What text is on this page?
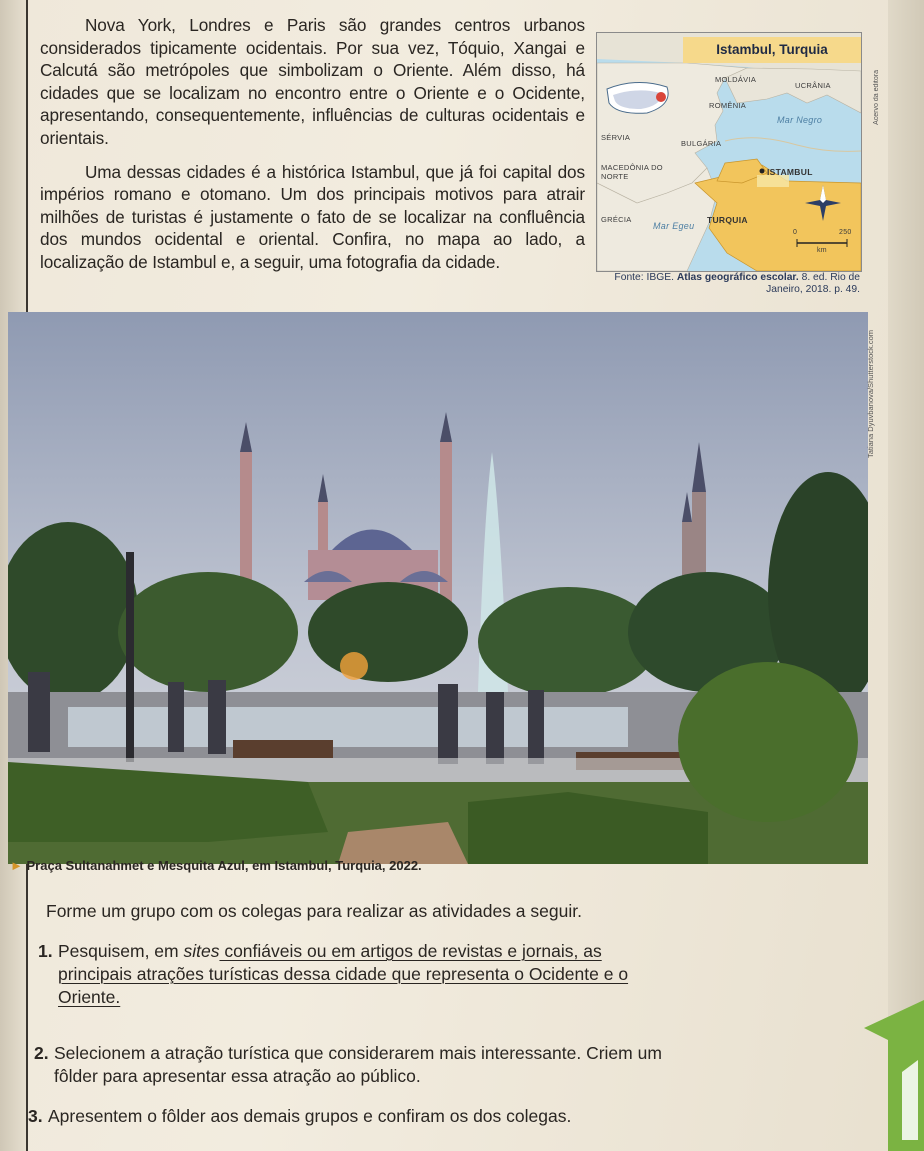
Nova York, Londres e Paris são grandes centros urbanos considerados tipicamente ocidentais. Por sua vez, Tóquio, Xangai e Calcutá são metrópoles que simbolizam o Oriente. Além disso, há cidades que se localizam no encontro entre o Oriente e o Ocidente, apresentando, consequentemente, influências de culturas ocidentais e orientais.

Uma dessas cidades é a histórica Istambul, que já foi capital dos impérios romano e otomano. Um dos principais motivos para atrair milhões de turistas é justamente o fato de se localizar na confluência dos mundos ocidental e oriental. Confira, no mapa ao lado, a localização de Istambul e, a seguir, uma fotografia da cidade.

Istambul, Turquia
MOLDÁVIA
UCRÂNIA
ROMÊNIA
Mar Negro
SÉRVIA
BULGÁRIA
MACEDÔNIA DO NORTE	ISTAMBUL
GRÉCIA
Mar Egeu
TURQUIA
0	250
km
Acervo da editora
Fonte: IBGE. Atlas geográfico escolar. 8. ed. Rio de Janeiro, 2018. p. 49.
Tatiana Dyuvbanova/Shutterstock.com
► Praça Sultanahmet e Mesquita Azul, em Istambul, Turquia, 2022.
Forme um grupo com os colegas para realizar as atividades a seguir.
1. Pesquisem, em sites confiáveis ou em artigos de revistas e jornais, as principais atrações turísticas dessa cidade que representa o Ocidente e o Oriente.
2. Selecionem a atração turística que considerarem mais interessante. Criem um fôlder para apresentar essa atração ao público.
3. Apresentem o fôlder aos demais grupos e confiram os dos colegas.
